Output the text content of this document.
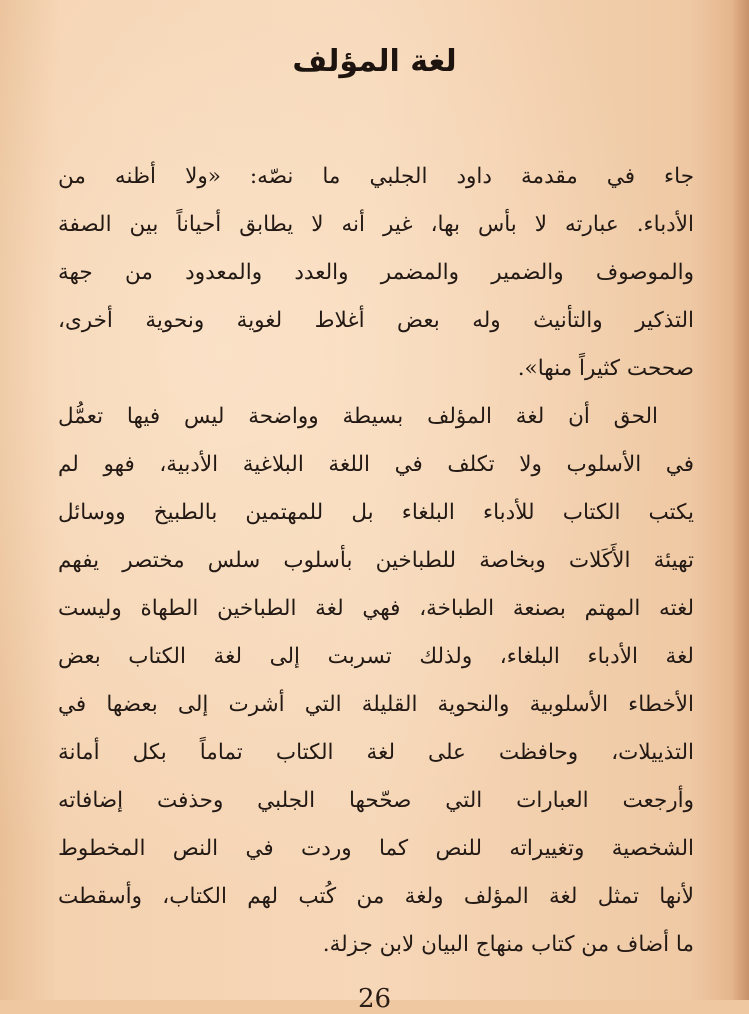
لغة المؤلف
جاء في مقدمة داود الجلبي ما نصّه: «ولا أظنه من
الأدباء. عبارته لا بأس بها، غير أنه لا يطابق أحياناً بين الصفة
والموصوف والضمير والمضمر والعدد والمعدود من جهة
التذكير والتأنيث وله بعض أغلاط لغوية ونحوية أخرى،
صححت كثيراً منها».
الحق أن لغة المؤلف بسيطة وواضحة ليس فيها تعمُّل
في الأسلوب ولا تكلف في اللغة البلاغية الأدبية، فهو لم
يكتب الكتاب للأدباء البلغاء بل للمهتمين بالطبيخ ووسائل
تهيئة الأَكَلات وبخاصة للطباخين بأسلوب سلس مختصر يفهم
لغته المهتم بصنعة الطباخة، فهي لغة الطباخين الطهاة وليست
لغة الأدباء البلغاء، ولذلك تسربت إلى لغة الكتاب بعض
الأخطاء الأسلوبية والنحوية القليلة التي أشرت إلى بعضها في
التذييلات، وحافظت على لغة الكتاب تماماً بكل أمانة
وأرجعت العبارات التي صحّحها الجلبي وحذفت إضافاته
الشخصية وتغييراته للنص كما وردت في النص المخطوط
لأنها تمثل لغة المؤلف ولغة من كُتب لهم الكتاب، وأسقطت
ما أضاف من كتاب منهاج البيان لابن جزلة.
26
